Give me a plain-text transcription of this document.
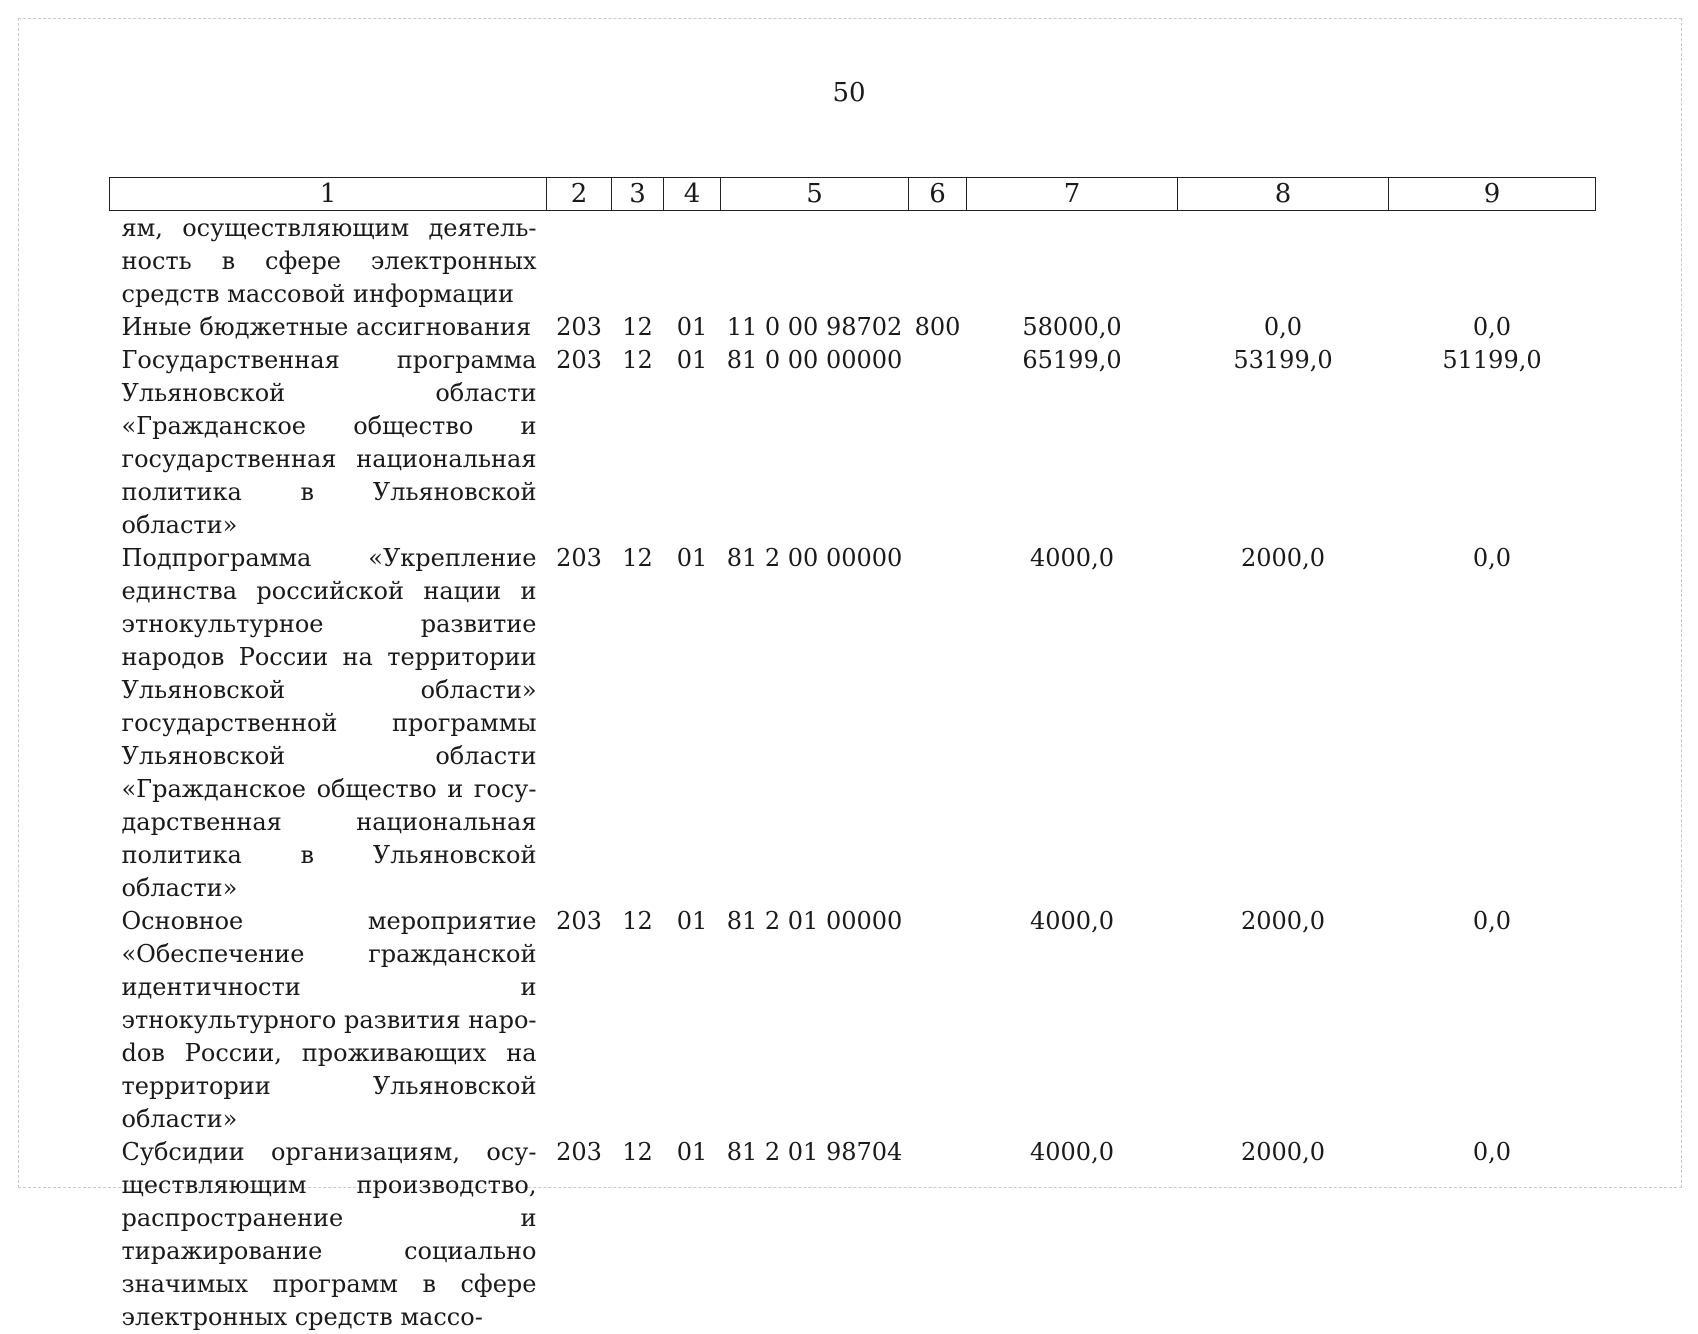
50
1	2	3	4	5	6	7	8	9
ям, осуществляющим деятельность в сфере электронных средств массовой информации								
Иные бюджетные ассигнования	203	12	01	11 0 00 98702	800	58000,0	0,0	0,0
Государственная программа Ульяновской области «Гражданское общество и государственная национальная политика в Ульяновской области»	203	12	01	81 0 00 00000		65199,0	53199,0	51199,0
Подпрограмма «Укрепление единства российской нации и этнокультурное развитие народов России на территории Ульяновской области» государственной программы Ульяновской области «Гражданское общество и государственная национальная политика в Ульяновской области»	203	12	01	81 2 00 00000		4000,0	2000,0	0,0
Основное мероприятие «Обеспечение гражданской идентичности и этнокультурного развития нароdов России, проживающих на территории Ульяновской области»	203	12	01	81 2 01 00000		4000,0	2000,0	0,0
Субсидии организациям, осуществляющим производство, распространение и тиражирование социально значимых программ в сфере электронных средств массо-	203	12	01	81 2 01 98704		4000,0	2000,0	0,0
